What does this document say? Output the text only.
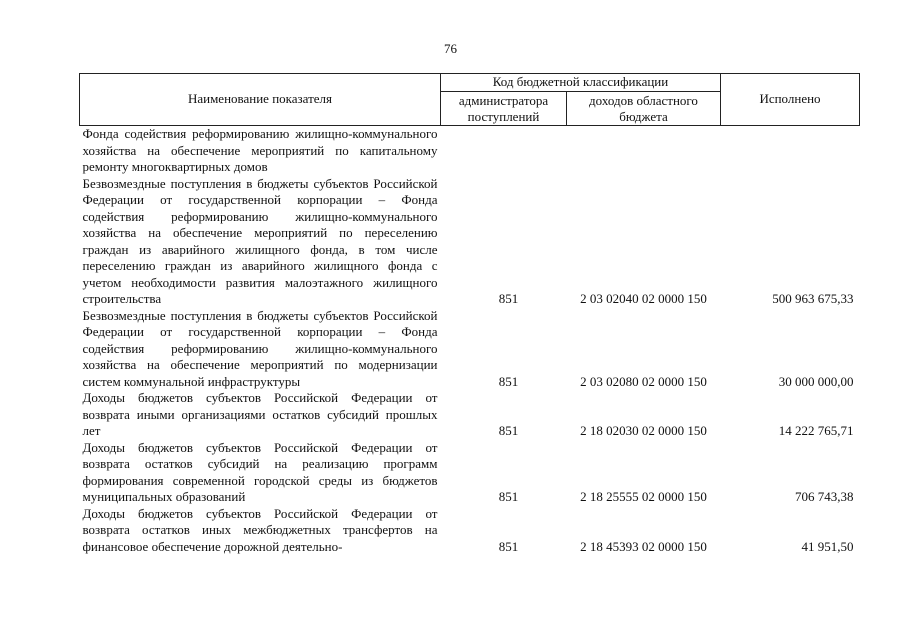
76
Наименование показателя	Код бюджетной классификации		Исполнено
	администратора поступлений	доходов областного бюджета	
Фонда содействия реформированию жилищно-коммунального хозяйства на обеспечение мероприятий по капитальному ремонту многоквартирных домов			
Безвозмездные поступления в бюджеты субъектов Российской Федерации от государственной корпорации – Фонда содействия реформированию жилищно-коммунального хозяйства на обеспечение мероприятий по переселению граждан из аварийного жилищного фонда, в том числе переселению граждан из аварийного жилищного фонда с учетом необходимости развития малоэтажного жилищного строительства	851	2 03 02040 02 0000 150	500 963 675,33
Безвозмездные поступления в бюджеты субъектов Российской Федерации от государственной корпорации – Фонда содействия реформированию жилищно-коммунального хозяйства на обеспечение мероприятий по модернизации систем коммунальной инфраструктуры	851	2 03 02080 02 0000 150	30 000 000,00
Доходы бюджетов субъектов Российской Федерации от возврата иными организациями остатков субсидий прошлых лет	851	2 18 02030 02 0000 150	14 222 765,71
Доходы бюджетов субъектов Российской Федерации от возврата остатков субсидий на реализацию программ формирования современной городской среды из бюджетов муниципальных образований	851	2 18 25555 02 0000 150	706 743,38
Доходы бюджетов субъектов Российской Федерации от возврата остатков иных межбюджетных трансфертов на финансовое обеспечение дорожной деятельно-	851	2 18 45393 02 0000 150	41 951,50
